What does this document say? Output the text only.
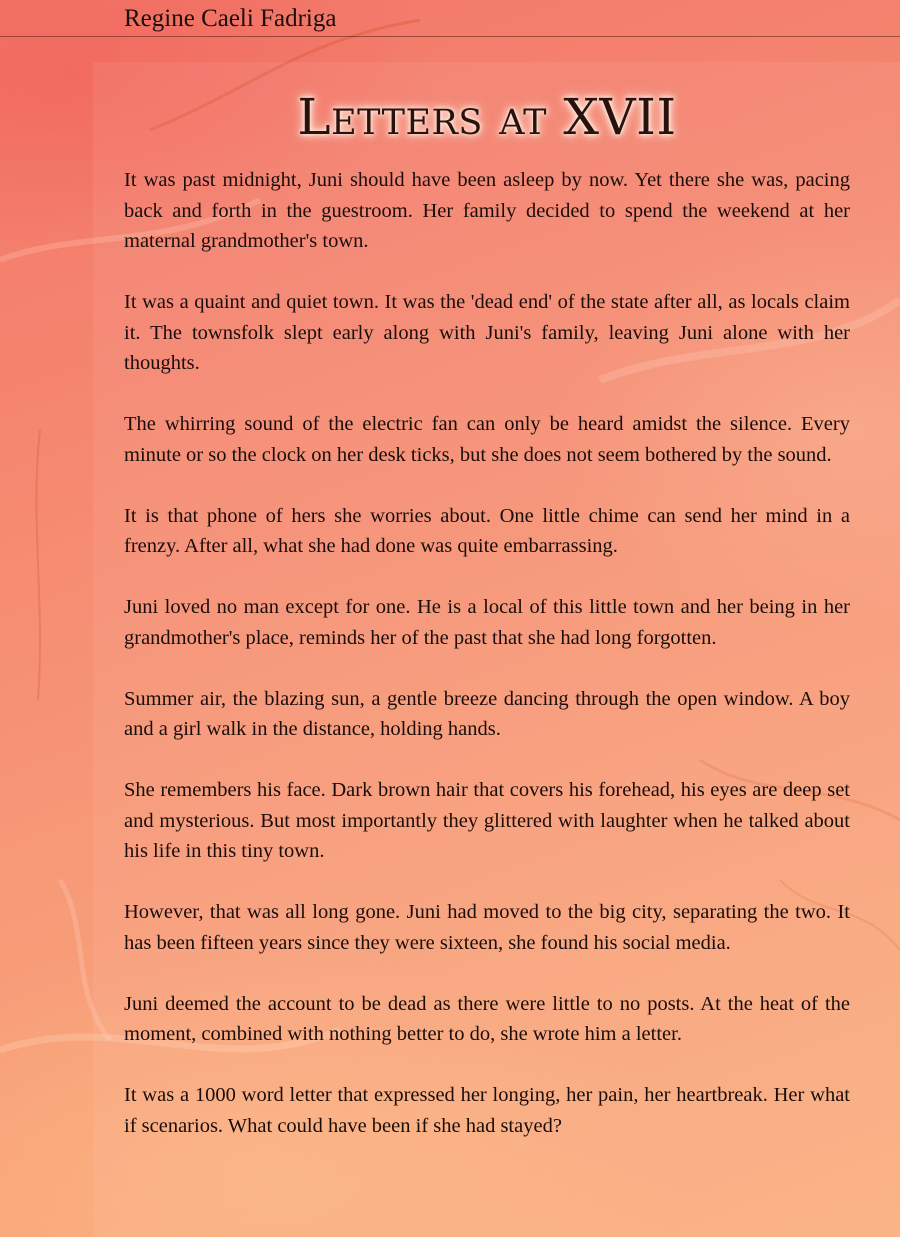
Regine Caeli Fadriga
Letters at XVII

It was past midnight, Juni should have been asleep by now. Yet there she was, pacing back and forth in the guestroom. Her family decided to spend the weekend at her maternal grandmother's town.

It was a quaint and quiet town. It was the 'dead end' of the state after all, as locals claim it. The townsfolk slept early along with Juni's family, leaving Juni alone with her thoughts.

The whirring sound of the electric fan can only be heard amidst the silence. Every minute or so the clock on her desk ticks, but she does not seem bothered by the sound.

It is that phone of hers she worries about. One little chime can send her mind in a frenzy. After all, what she had done was quite embarrassing.

Juni loved no man except for one. He is a local of this little town and her being in her grandmother's place, reminds her of the past that she had long forgotten.

Summer air, the blazing sun, a gentle breeze dancing through the open window. A boy and a girl walk in the distance, holding hands.

She remembers his face. Dark brown hair that covers his forehead, his eyes are deep set and mysterious. But most importantly they glittered with laughter when he talked about his life in this tiny town.

However, that was all long gone. Juni had moved to the big city, separating the two. It has been fifteen years since they were sixteen, she found his social media.

Juni deemed the account to be dead as there were little to no posts. At the heat of the moment, combined with nothing better to do, she wrote him a letter.

It was a 1000 word letter that expressed her longing, her pain, her heartbreak. Her what if scenarios. What could have been if she had stayed?
